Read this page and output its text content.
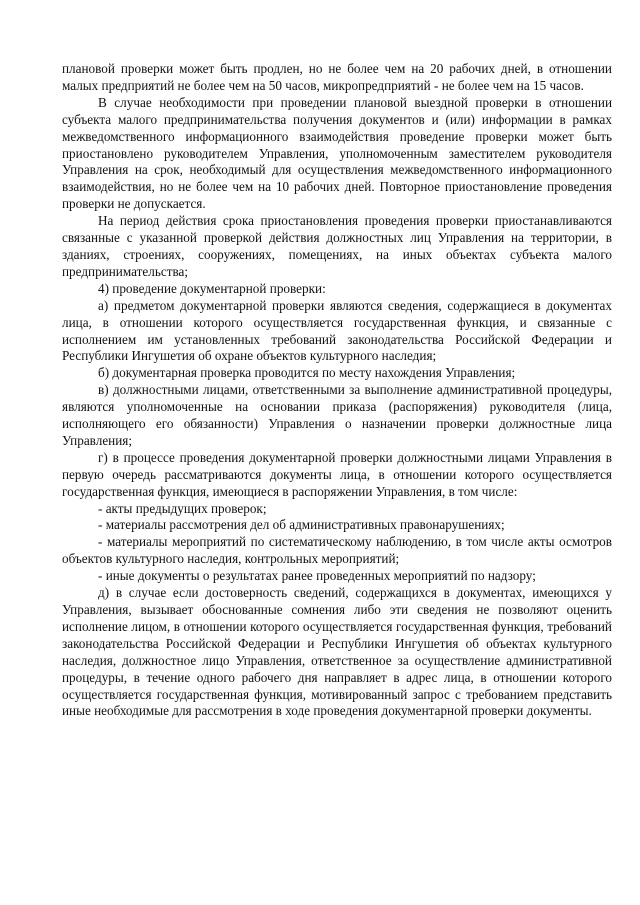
плановой проверки может быть продлен, но не более чем на 20 рабочих дней, в отношении малых предприятий не более чем на 50 часов, микропредприятий - не более чем на 15 часов.

В случае необходимости при проведении плановой выездной проверки в отношении субъекта малого предпринимательства получения документов и (или) информации в рамках межведомственного информационного взаимодействия проведение проверки может быть приостановлено руководителем Управления, уполномоченным заместителем руководителя Управления на срок, необходимый для осуществления межведомственного информационного взаимодействия, но не более чем на 10 рабочих дней. Повторное приостановление проведения проверки не допускается.

На период действия срока приостановления проведения проверки приостанавливаются связанные с указанной проверкой действия должностных лиц Управления на территории, в зданиях, строениях, сооружениях, помещениях, на иных объектах субъекта малого предпринимательства;

4) проведение документарной проверки:

а) предметом документарной проверки являются сведения, содержащиеся в документах лица, в отношении которого осуществляется государственная функция, и связанные с исполнением им установленных требований законодательства Российской Федерации и Республики Ингушетия об охране объектов культурного наследия;

б) документарная проверка проводится по месту нахождения Управления;

в) должностными лицами, ответственными за выполнение административной процедуры, являются уполномоченные на основании приказа (распоряжения) руководителя (лица, исполняющего его обязанности) Управления о назначении проверки должностные лица Управления;

г) в процессе проведения документарной проверки должностными лицами Управления в первую очередь рассматриваются документы лица, в отношении которого осуществляется государственная функция, имеющиеся в распоряжении Управления, в том числе:

- акты предыдущих проверок;

- материалы рассмотрения дел об административных правонарушениях;

- материалы мероприятий по систематическому наблюдению, в том числе акты осмотров объектов культурного наследия, контрольных мероприятий;

- иные документы о результатах ранее проведенных мероприятий по надзору;

д) в случае если достоверность сведений, содержащихся в документах, имеющихся у Управления, вызывает обоснованные сомнения либо эти сведения не позволяют оценить исполнение лицом, в отношении которого осуществляется государственная функция, требований законодательства Российской Федерации и Республики Ингушетия об объектах культурного наследия, должностное лицо Управления, ответственное за осуществление административной процедуры, в течение одного рабочего дня направляет в адрес лица, в отношении которого осуществляется государственная функция, мотивированный запрос с требованием представить иные необходимые для рассмотрения в ходе проведения документарной проверки документы.
